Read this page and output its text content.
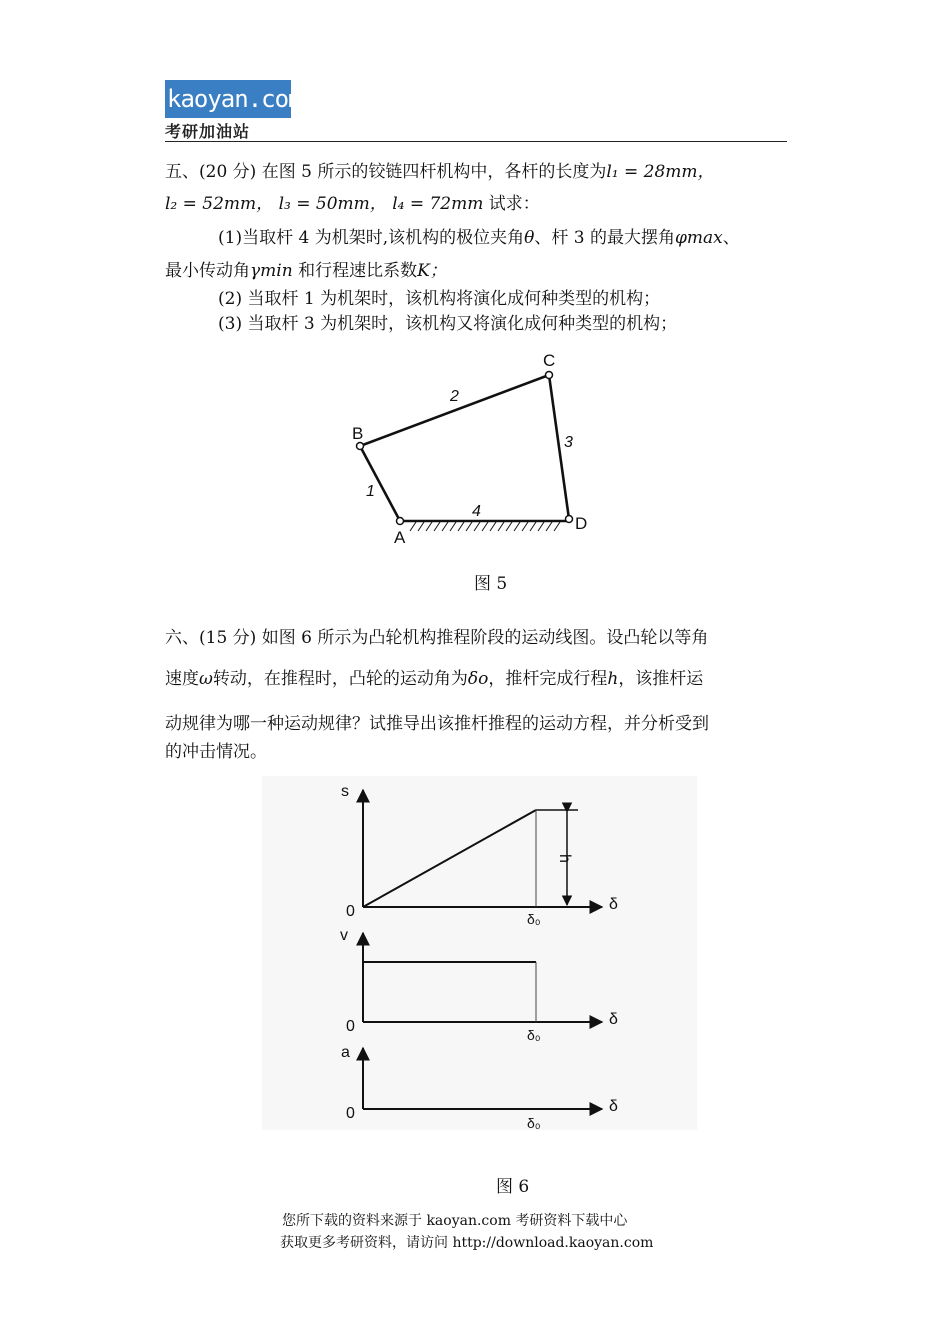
kaoyan.com
考研加油站
五、(20 分) 在图 5 所示的铰链四杆机构中，各杆的长度为l₁ = 28mm，
l₂ = 52mm， l₃ = 50mm， l₄ = 72mm 试求：
(1)当取杆 4 为机架时,该机构的极位夹角θ、杆 3 的最大摆角φmax、
最小传动角γmin 和行程速比系数K；
(2) 当取杆 1 为机架时，该机构将演化成何种类型的机构；
(3) 当取杆 3 为机架时，该机构又将演化成何种类型的机构；
B
C
D
A
1
2
3
4
图 5
六、(15 分) 如图 6 所示为凸轮机构推程阶段的运动线图。设凸轮以等角
速度ω转动，在推程时，凸轮的运动角为δo，推杆完成行程h，该推杆运
动规律为哪一种运动规律？试推导出该推杆推程的运动方程，并分析受到
的冲击情况。
s
0	δ
δ₀
v
0	δ
δ₀
a
0	δ
δ₀
h
图 6
您所下载的资料来源于 kaoyan.com 考研资料下载中心
获取更多考研资料，请访问 http://download.kaoyan.com
